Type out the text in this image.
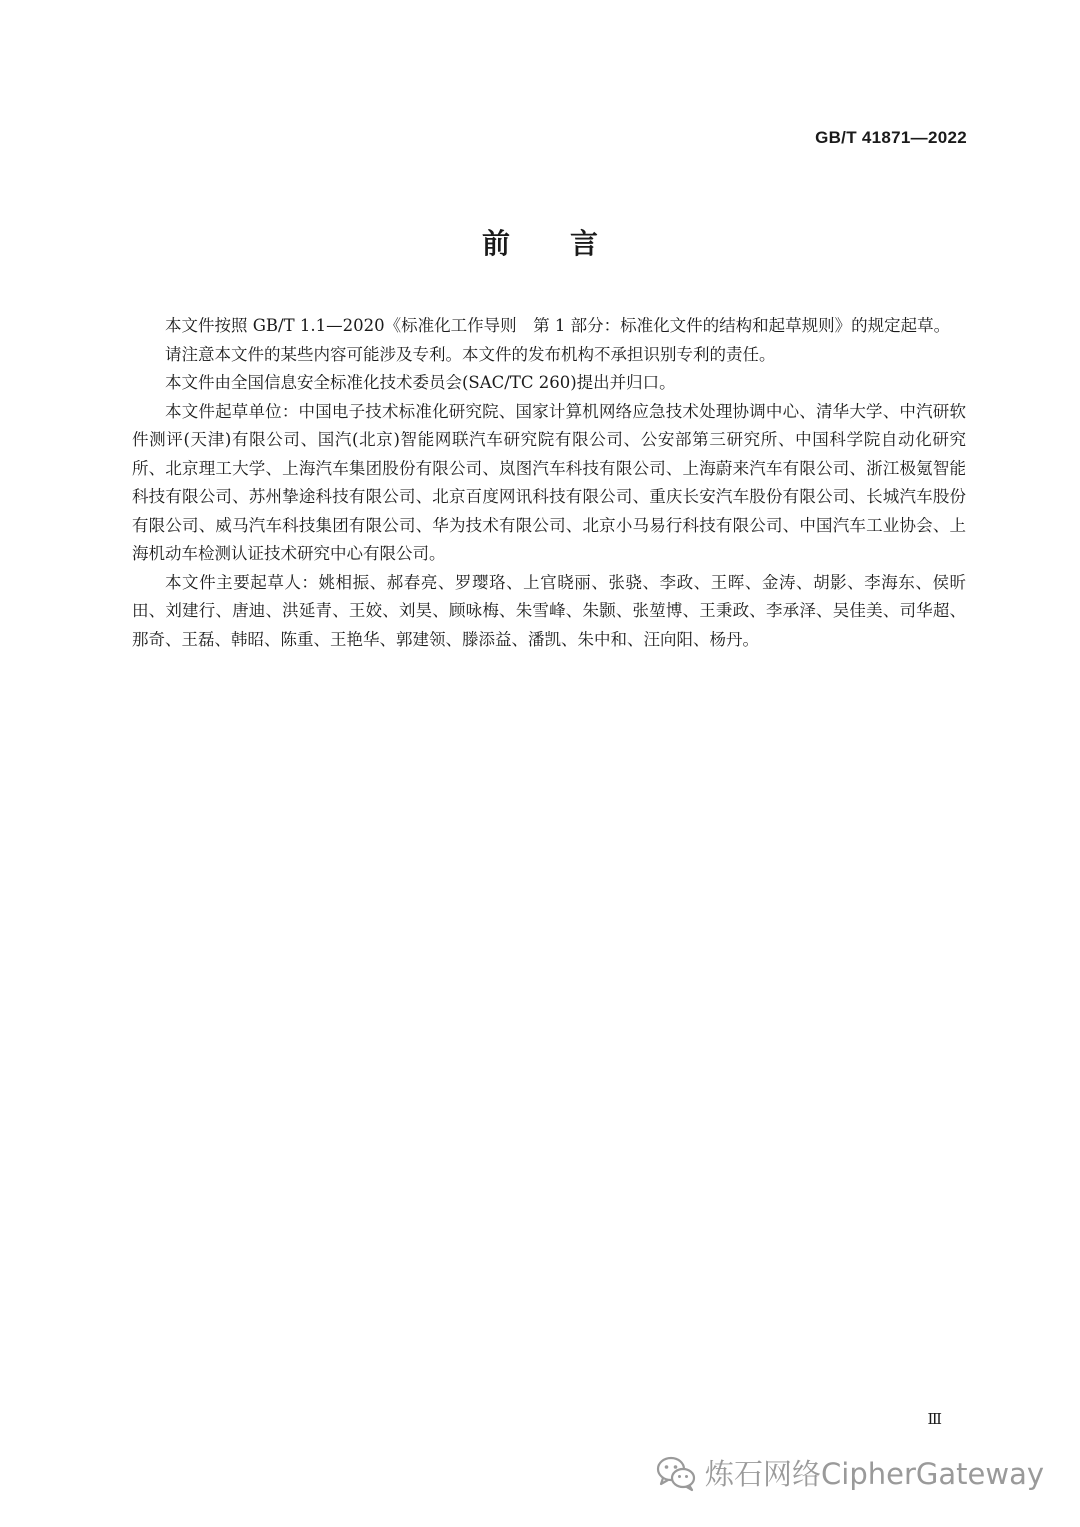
GB/T 41871—2022
前言

本文件按照 GB/T 1.1—2020《标准化工作导则　第 1 部分：标准化文件的结构和起草规则》的规定起草。

请注意本文件的某些内容可能涉及专利。本文件的发布机构不承担识别专利的责任。

本文件由全国信息安全标准化技术委员会(SAC/TC 260)提出并归口。

本文件起草单位：中国电子技术标准化研究院、国家计算机网络应急技术处理协调中心、清华大学、中汽研软件测评(天津)有限公司、国汽(北京)智能网联汽车研究院有限公司、公安部第三研究所、中国科学院自动化研究所、北京理工大学、上海汽车集团股份有限公司、岚图汽车科技有限公司、上海蔚来汽车有限公司、浙江极氪智能科技有限公司、苏州挚途科技有限公司、北京百度网讯科技有限公司、重庆长安汽车股份有限公司、长城汽车股份有限公司、威马汽车科技集团有限公司、华为技术有限公司、北京小马易行科技有限公司、中国汽车工业协会、上海机动车检测认证技术研究中心有限公司。

本文件主要起草人：姚相振、郝春亮、罗璎珞、上官晓丽、张骁、李政、王晖、金涛、胡影、李海东、侯昕田、刘建行、唐迪、洪延青、王姣、刘昊、顾咏梅、朱雪峰、朱颢、张堃博、王秉政、李承泽、吴佳美、司华超、那奇、王磊、韩昭、陈重、王艳华、郭建领、滕添益、潘凯、朱中和、汪向阳、杨丹。

Ⅲ
炼石网络CipherGateway
